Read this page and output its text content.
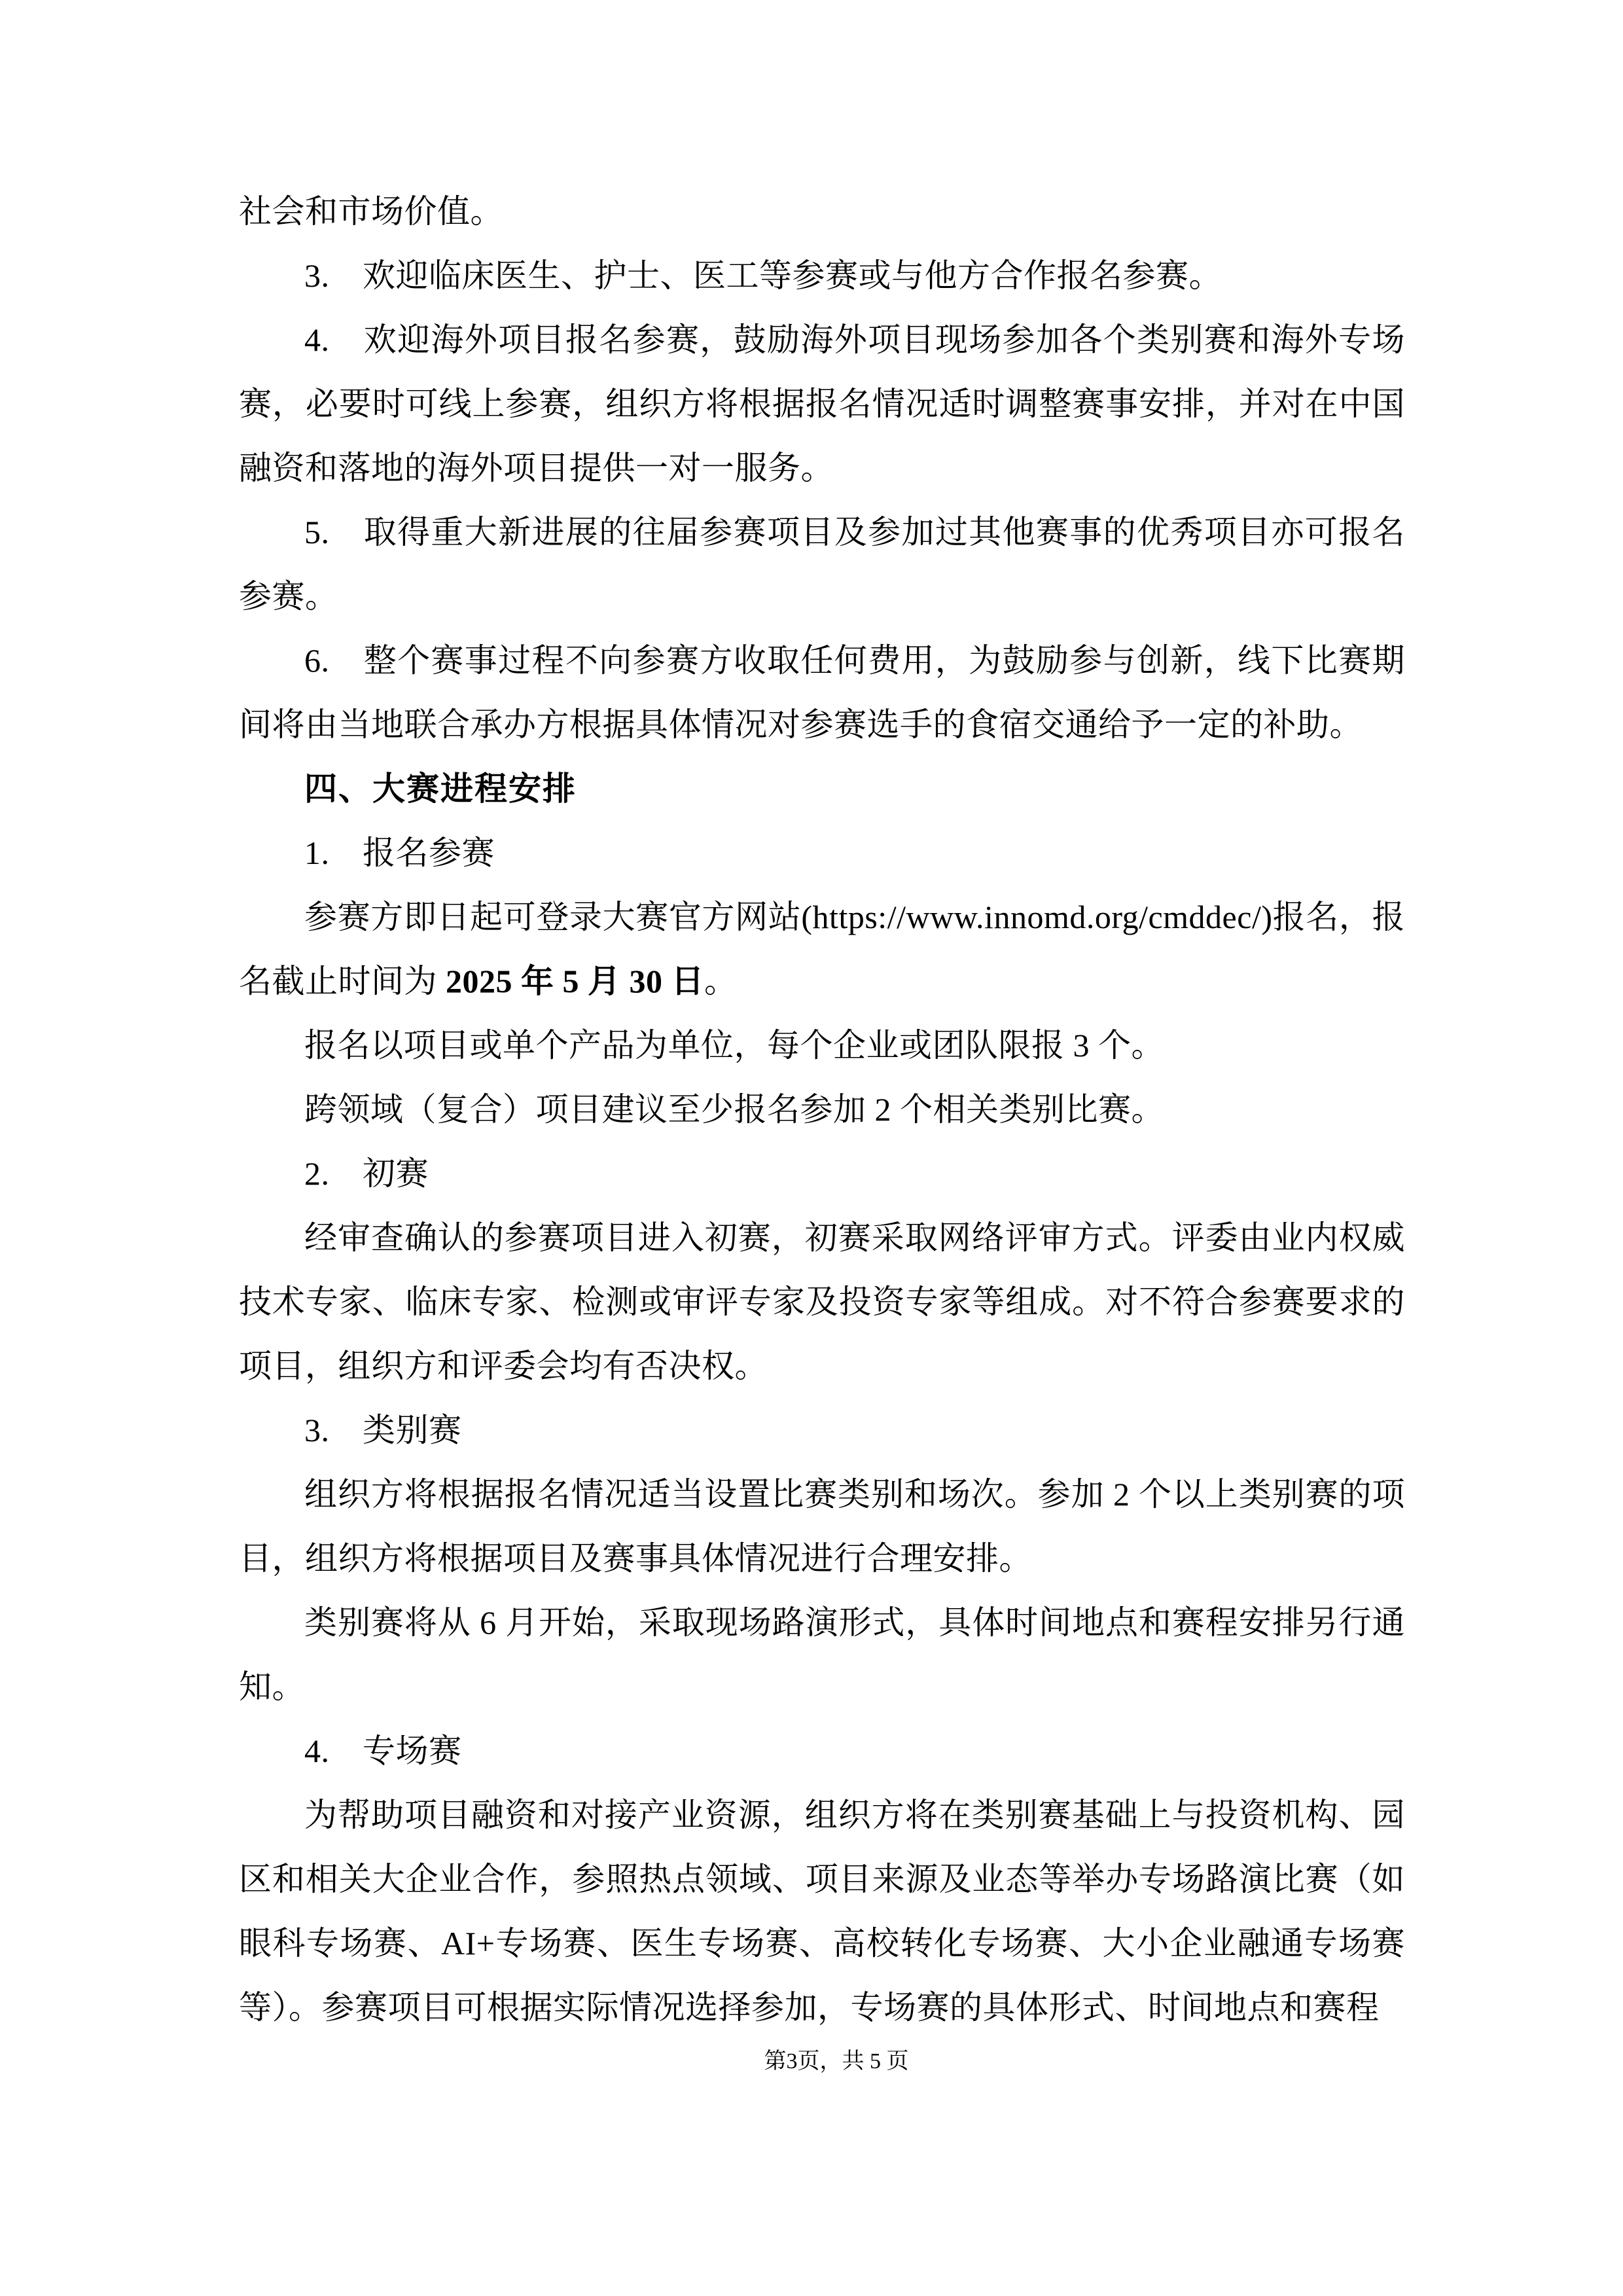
社会和市场价值。

3.　欢迎临床医生、护士、医工等参赛或与他方合作报名参赛。

4.　欢迎海外项目报名参赛，鼓励海外项目现场参加各个类别赛和海外专场赛，必要时可线上参赛，组织方将根据报名情况适时调整赛事安排，并对在中国融资和落地的海外项目提供一对一服务。

5.　取得重大新进展的往届参赛项目及参加过其他赛事的优秀项目亦可报名参赛。

6.　整个赛事过程不向参赛方收取任何费用，为鼓励参与创新，线下比赛期间将由当地联合承办方根据具体情况对参赛选手的食宿交通给予一定的补助。

四、大赛进程安排

1.　报名参赛

参赛方即日起可登录大赛官方网站(https://www.innomd.org/cmddec/)报名，报名截止时间为 2025 年 5 月 30 日。

报名以项目或单个产品为单位，每个企业或团队限报 3 个。

跨领域（复合）项目建议至少报名参加 2 个相关类别比赛。

2.　初赛

经审查确认的参赛项目进入初赛，初赛采取网络评审方式。评委由业内权威技术专家、临床专家、检测或审评专家及投资专家等组成。对不符合参赛要求的项目，组织方和评委会均有否决权。

3.　类别赛

组织方将根据报名情况适当设置比赛类别和场次。参加 2 个以上类别赛的项目，组织方将根据项目及赛事具体情况进行合理安排。

类别赛将从 6 月开始，采取现场路演形式，具体时间地点和赛程安排另行通知。

4.　专场赛

为帮助项目融资和对接产业资源，组织方将在类别赛基础上与投资机构、园区和相关大企业合作，参照热点领域、项目来源及业态等举办专场路演比赛（如眼科专场赛、AI+专场赛、医生专场赛、高校转化专场赛、大小企业融通专场赛等）。参赛项目可根据实际情况选择参加，专场赛的具体形式、时间地点和赛程

第3页，共 5 页
